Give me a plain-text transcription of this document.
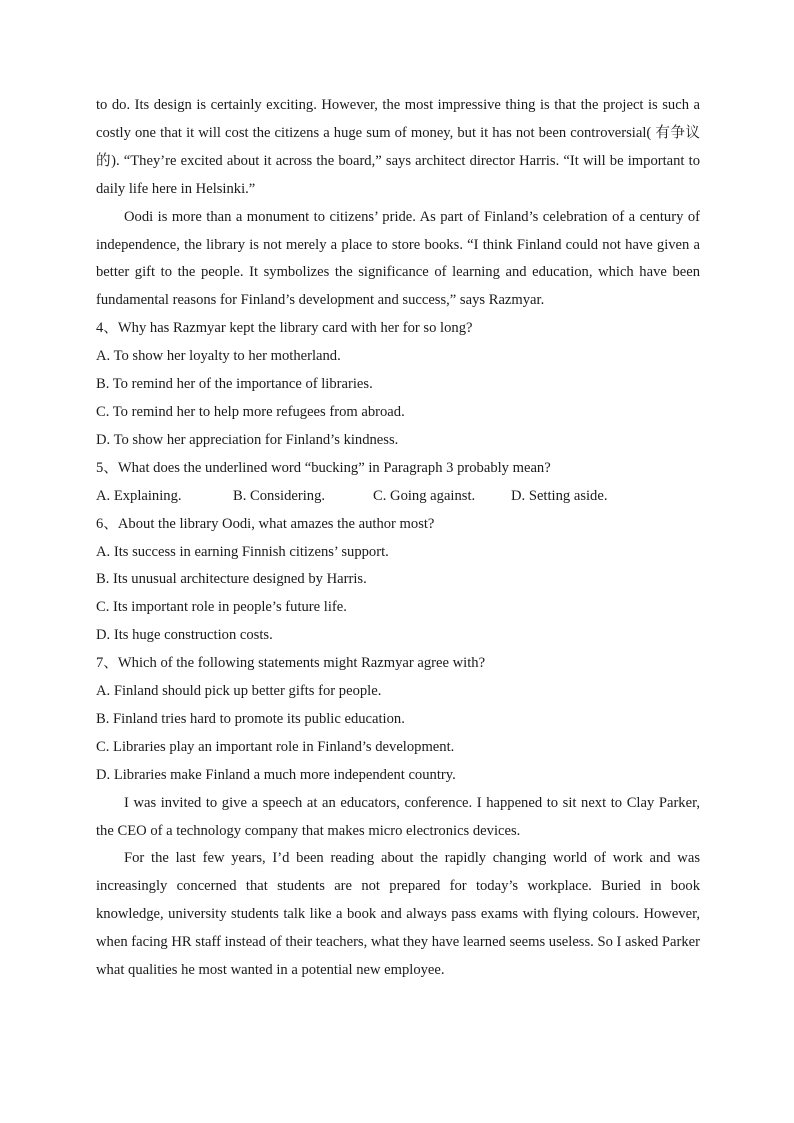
to do. Its design is certainly exciting. However, the most impressive thing is that the project is such a costly one that it will cost the citizens a huge sum of money, but it has not been controversial( 有争议的). “They’re excited about it across the board,” says architect director Harris. “It will be important to daily life here in Helsinki.”

Oodi is more than a monument to citizens’ pride. As part of Finland’s celebration of a century of independence, the library is not merely a place to store books. “I think Finland could not have given a better gift to the people. It symbolizes the significance of learning and education, which have been fundamental reasons for Finland’s development and success,” says Razmyar.

4、Why has Razmyar kept the library card with her for so long?

A. To show her loyalty to her motherland.

B. To remind her of the importance of libraries.

C. To remind her to help more refugees from abroad.

D. To show her appreciation for Finland’s kindness.

5、What does the underlined word “bucking” in Paragraph 3 probably mean?

A. Explaining.	B. Considering.	C. Going against.	D. Setting aside.

6、About the library Oodi, what amazes the author most?

A. Its success in earning Finnish citizens’ support.

B. Its unusual architecture designed by Harris.

C. Its important role in people’s future life.

D. Its huge construction costs.

7、Which of the following statements might Razmyar agree with?

A. Finland should pick up better gifts for people.

B. Finland tries hard to promote its public education.

C. Libraries play an important role in Finland’s development.

D. Libraries make Finland a much more independent country.

I was invited to give a speech at an educators, conference. I happened to sit next to Clay Parker, the CEO of a technology company that makes micro electronics devices.

For the last few years, I’d been reading about the rapidly changing world of work and was increasingly concerned that students are not prepared for today’s workplace. Buried in book knowledge, university students talk like a book and always pass exams with flying colours. However, when facing HR staff instead of their teachers, what they have learned seems useless. So I asked Parker what qualities he most wanted in a potential new employee.
